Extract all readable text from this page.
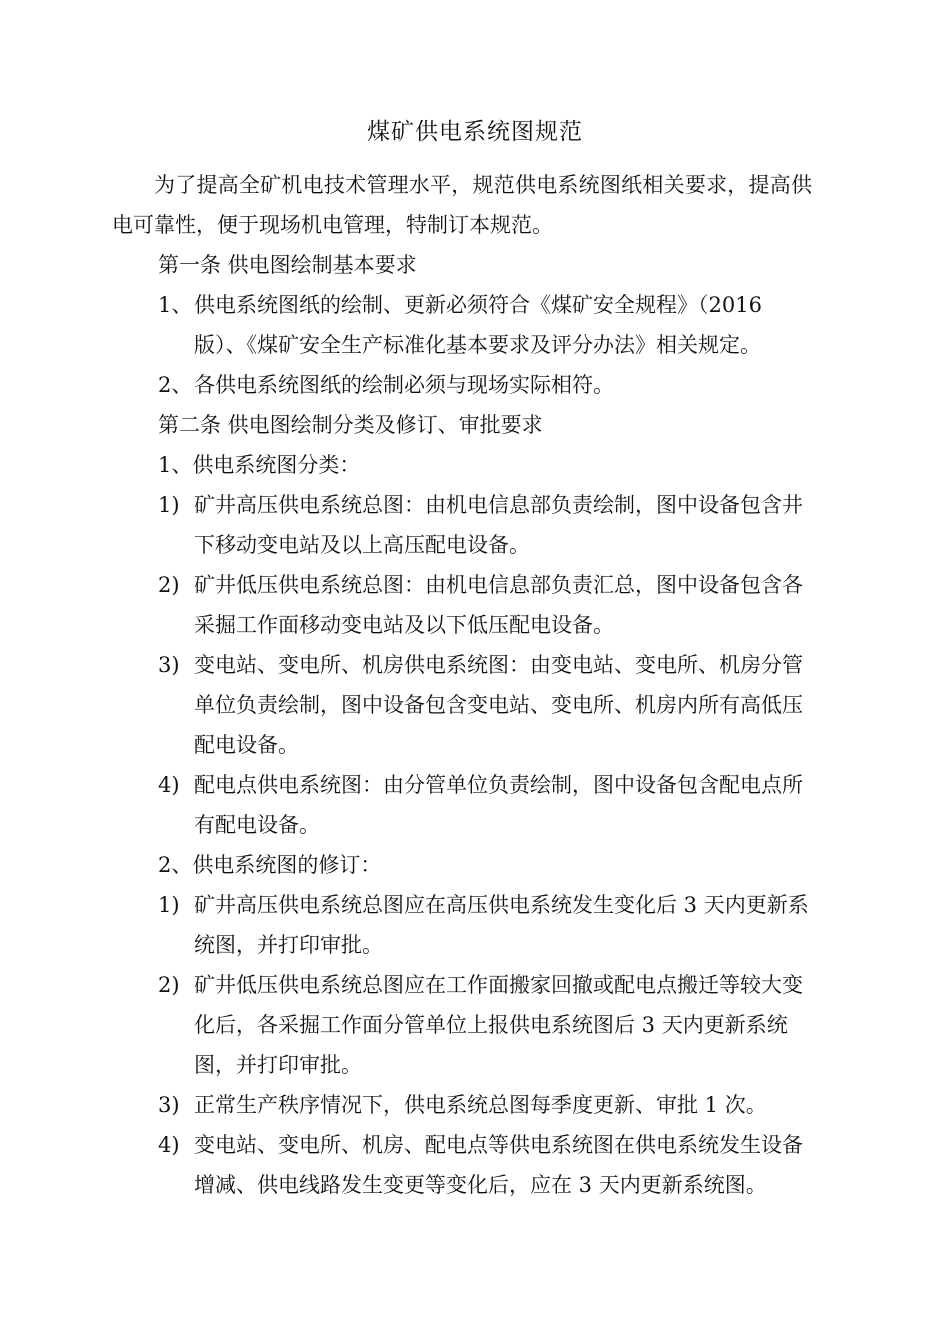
煤矿供电系统图规范

为了提高全矿机电技术管理水平，规范供电系统图纸相关要求，提高供电可靠性，便于现场机电管理，特制订本规范。

第一条 供电图绘制基本要求

1、 供电系统图纸的绘制、更新必须符合《煤矿安全规程》（2016 版）、《煤矿安全生产标准化基本要求及评分办法》相关规定。

2、 各供电系统图纸的绘制必须与现场实际相符。

第二条 供电图绘制分类及修订、审批要求

1、供电系统图分类：

1) 矿井高压供电系统总图：由机电信息部负责绘制，图中设备包含井下移动变电站及以上高压配电设备。

2) 矿井低压供电系统总图：由机电信息部负责汇总，图中设备包含各采掘工作面移动变电站及以下低压配电设备。

3) 变电站、变电所、机房供电系统图：由变电站、变电所、机房分管单位负责绘制，图中设备包含变电站、变电所、机房内所有高低压配电设备。

4) 配电点供电系统图：由分管单位负责绘制，图中设备包含配电点所有配电设备。

2、供电系统图的修订：

1) 矿井高压供电系统总图应在高压供电系统发生变化后 3 天内更新系统图，并打印审批。

2) 矿井低压供电系统总图应在工作面搬家回撤或配电点搬迁等较大变化后，各采掘工作面分管单位上报供电系统图后 3 天内更新系统图，并打印审批。

3) 正常生产秩序情况下，供电系统总图每季度更新、审批 1 次。

4) 变电站、变电所、机房、配电点等供电系统图在供电系统发生设备增减、供电线路发生变更等变化后，应在 3 天内更新系统图。
